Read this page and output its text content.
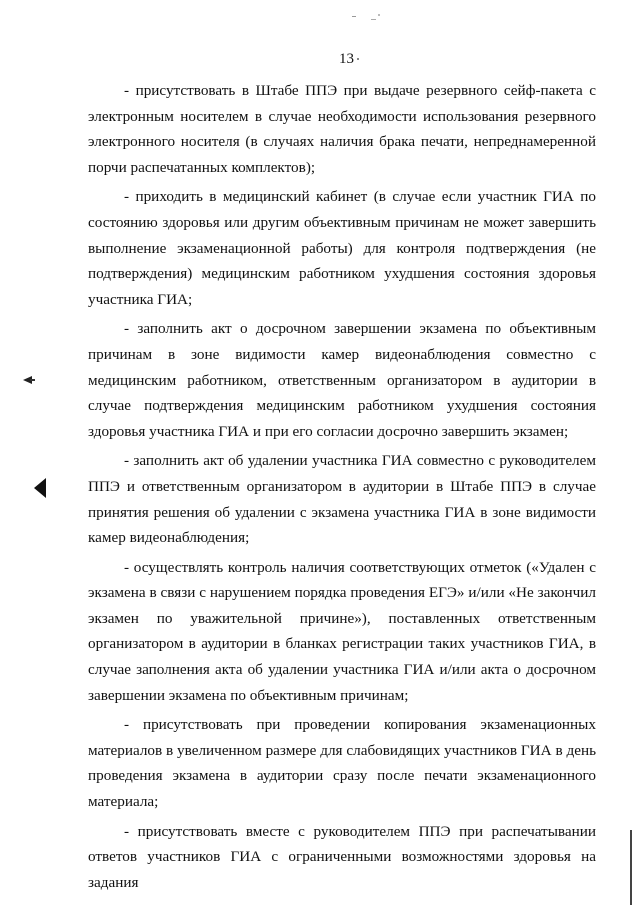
13

- присутствовать в Штабе ППЭ при выдаче резервного сейф-пакета с электронным носителем в случае необходимости использования резервного электронного носителя (в случаях наличия брака печати, непреднамеренной порчи распечатанных комплектов);

- приходить в медицинский кабинет (в случае если участник ГИА по состоянию здоровья или другим объективным причинам не может завершить выполнение экзаменационной работы) для контроля подтверждения (не подтверждения) медицинским работником ухудшения состояния здоровья участника ГИА;

- заполнить акт о досрочном завершении экзамена по объективным причинам в зоне видимости камер видеонаблюдения совместно с медицинским работником, ответственным организатором в аудитории в случае подтверждения медицинским работником ухудшения состояния здоровья участника ГИА и при его согласии досрочно завершить экзамен;

- заполнить акт об удалении участника ГИА совместно с руководителем ППЭ и ответственным организатором в аудитории в Штабе ППЭ в случае принятия решения об удалении с экзамена участника ГИА в зоне видимости камер видеонаблюдения;

- осуществлять контроль наличия соответствующих отметок («Удален с экзамена в связи с нарушением порядка проведения ЕГЭ» и/или «Не закончил экзамен по уважительной причине»), поставленных ответственным организатором в аудитории в бланках регистрации таких участников ГИА, в случае заполнения акта об удалении участника ГИА и/или акта о досрочном завершении экзамена по объективным причинам;

- присутствовать при проведении копирования экзаменационных материалов в увеличенном размере для слабовидящих участников ГИА в день проведения экзамена в аудитории сразу после печати экзаменационного материала;

- присутствовать вместе с руководителем ППЭ при распечатывании ответов участников ГИА с ограниченными возможностями здоровья на задания
